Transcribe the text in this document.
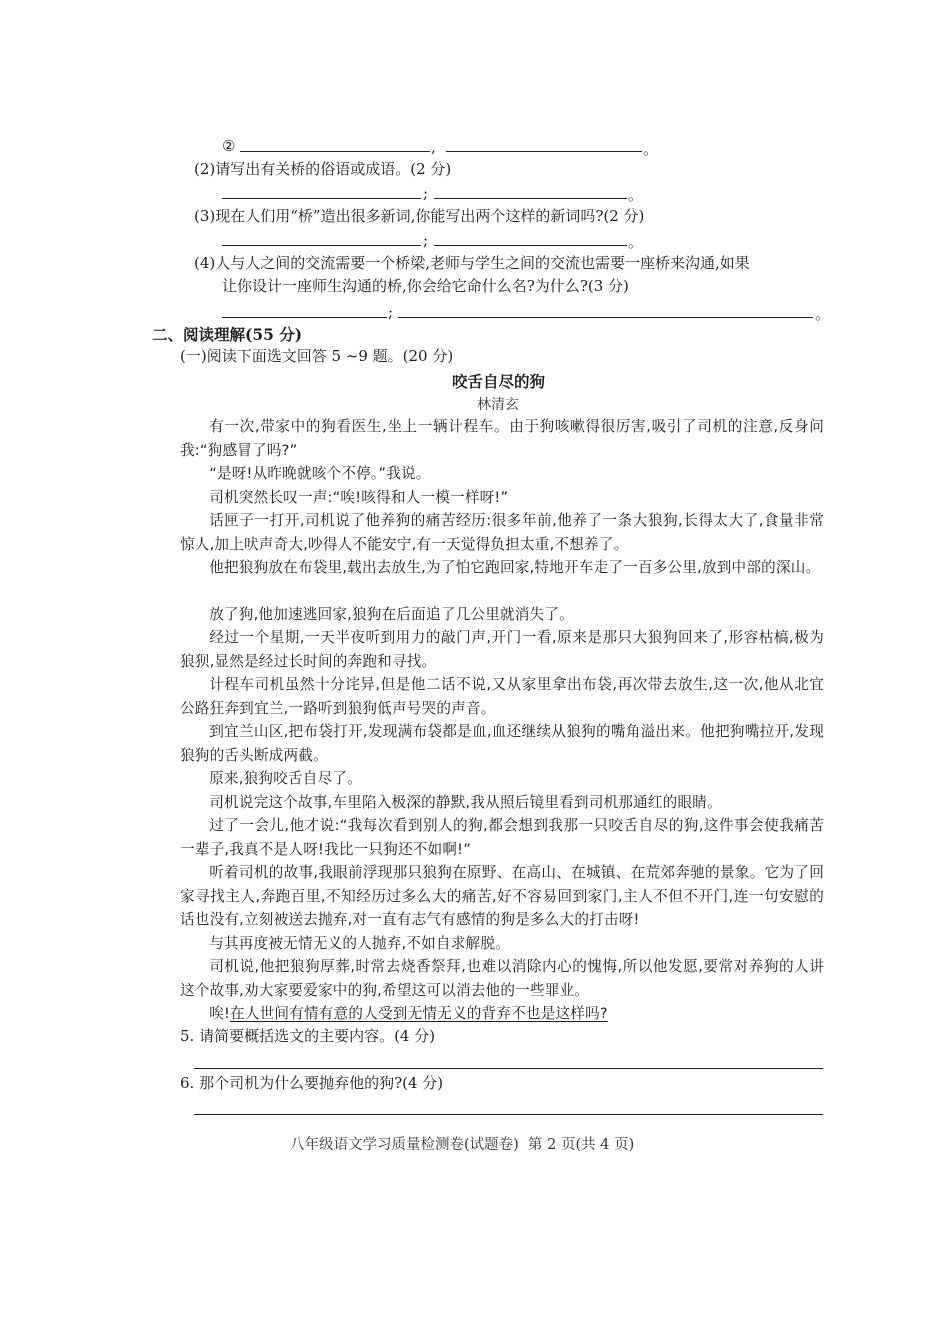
②	,	。
(2)请写出有关桥的俗语或成语。(2 分)
;	。
(3)现在人们用“桥”造出很多新词,你能写出两个这样的新词吗?(2 分)
;	。
(4)人与人之间的交流需要一个桥梁,老师与学生之间的交流也需要一座桥来沟通,如果
让你设计一座师生沟通的桥,你会给它命什么名?为什么?(3 分)
;	。
二、阅读理解(55 分)
(一)阅读下面选文回答 5 ~9 题。(20 分)
咬舌自尽的狗
林清玄

有一次,带家中的狗看医生,坐上一辆计程车。由于狗咳嗽得很厉害,吸引了司机的注意,反身问我:“狗感冒了吗?”

“是呀!从昨晚就咳个不停。”我说。

司机突然长叹一声:“唉!咳得和人一模一样呀!”

话匣子一打开,司机说了他养狗的痛苦经历:很多年前,他养了一条大狼狗,长得太大了,食量非常惊人,加上吠声奇大,吵得人不能安宁,有一天觉得负担太重,不想养了。

他把狼狗放在布袋里,载出去放生,为了怕它跑回家,特地开车走了一百多公里,放到中部的深山。

放了狗,他加速逃回家,狼狗在后面追了几公里就消失了。

经过一个星期,一天半夜听到用力的敲门声,开门一看,原来是那只大狼狗回来了,形容枯槁,极为狼狈,显然是经过长时间的奔跑和寻找。

计程车司机虽然十分诧异,但是他二话不说,又从家里拿出布袋,再次带去放生,这一次,他从北宜公路狂奔到宜兰,一路听到狼狗低声号哭的声音。

到宜兰山区,把布袋打开,发现满布袋都是血,血还继续从狼狗的嘴角溢出来。他把狗嘴拉开,发现狼狗的舌头断成两截。

原来,狼狗咬舌自尽了。

司机说完这个故事,车里陷入极深的静默,我从照后镜里看到司机那通红的眼睛。

过了一会儿,他才说:“我每次看到别人的狗,都会想到我那一只咬舌自尽的狗,这件事会使我痛苦一辈子,我真不是人呀!我比一只狗还不如啊!”

听着司机的故事,我眼前浮现那只狼狗在原野、在高山、在城镇、在荒郊奔驰的景象。它为了回家寻找主人,奔跑百里,不知经历过多么大的痛苦,好不容易回到家门,主人不但不开门,连一句安慰的话也没有,立刻被送去抛弃,对一直有志气有感情的狗是多么大的打击呀!

与其再度被无情无义的人抛弃,不如自求解脱。

司机说,他把狼狗厚葬,时常去烧香祭拜,也难以消除内心的愧悔,所以他发愿,要常对养狗的人讲这个故事,劝大家要爱家中的狗,希望这可以消去他的一些罪业。

唉!在人世间有情有意的人受到无情无义的背弃不也是这样吗?

5. 请简要概括选文的主要内容。(4 分)
6. 那个司机为什么要抛弃他的狗?(4 分)
八年级语文学习质量检测卷(试题卷)  第 2 页(共 4 页)
